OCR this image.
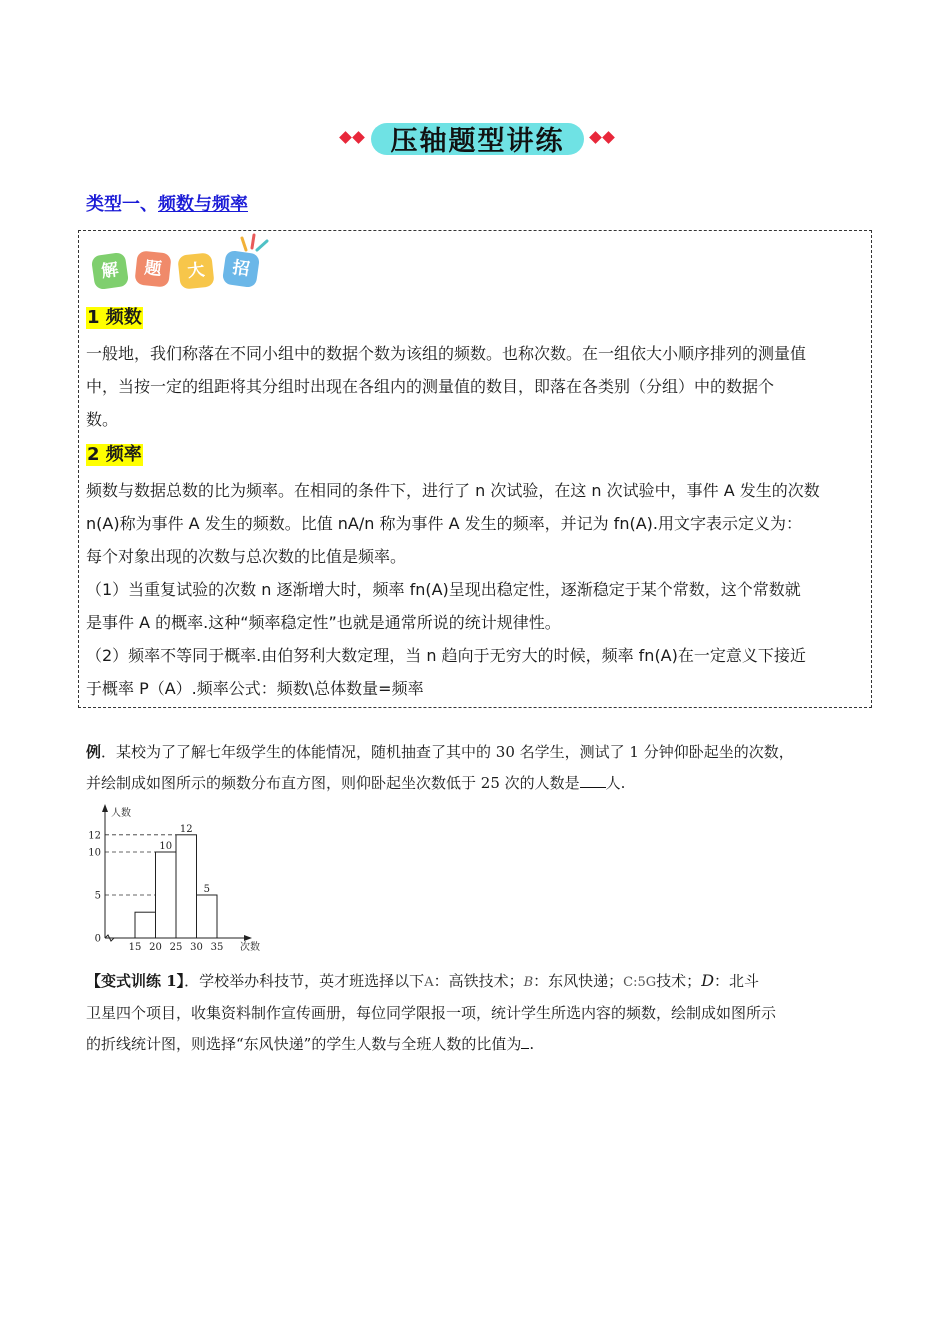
压轴题型讲练
类型一、频数与频率
解	题	大	招
1 频数
一般地，我们称落在不同小组中的数据个数为该组的频数。也称次数。在一组依大小顺序排列的测量值
中，当按一定的组距将其分组时出现在各组内的测量值的数目，即落在各类别（分组）中的数据个
数。
2 频率
频数与数据总数的比为频率。在相同的条件下，进行了 n 次试验，在这 n 次试验中，事件 A 发生的次数
n(A)称为事件 A 发生的频数。比值 nA/n 称为事件 A 发生的频率，并记为 fn(A).用文字表示定义为：
每个对象出现的次数与总次数的比值是频率。
（1）当重复试验的次数 n 逐渐增大时，频率 fn(A)呈现出稳定性，逐渐稳定于某个常数，这个常数就
是事件 A 的概率.这种“频率稳定性”也就是通常所说的统计规律性。
（2）频率不等同于概率.由伯努利大数定理，当 n 趋向于无穷大的时候，频率 fn(A)在一定意义下接近
于概率 P（A）.频率公式：频数\总体数量=频率
例．某校为了了解七年级学生的体能情况，随机抽查了其中的 30 名学生，测试了 1 分钟仰卧起坐的次数，
并绘制成如图所示的频数分布直方图，则仰卧起坐次数低于 25 次的人数是 人.
0
5
10
12
10
12
5
15 20 25 30 35
人数
次数
【变式训练 1】．学校举办科技节，英才班选择以下A：高铁技术；B：东风快递；C:5G技术；D：北斗
卫星四个项目，收集资料制作宣传画册，每位同学限报一项，统计学生所选内容的频数，绘制成如图所示
的折线统计图，则选择“东风快递”的学生人数与全班人数的比值为 .
